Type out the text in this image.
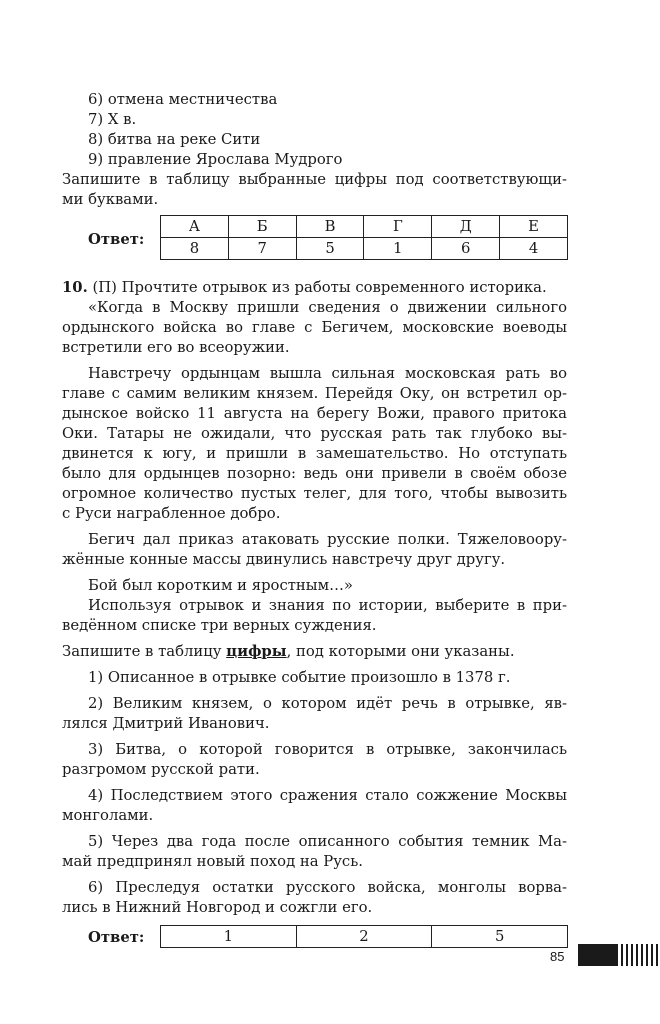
6) отмена местничества
7) X в.
8) битва на реке Сити
9) правление Ярослава Мудрого
Запишите в таблицу выбранные цифры под соответствующи-
ми буквами.
Ответ:
А	Б	В	Г	Д	Е
8	7	5	1	6	4
10. (П) Прочтите отрывок из работы современного историка.
«Когда в Москву пришли сведения о движении сильного
ордынского войска во главе с Бегичем, московские воеводы
встретили его во всеоружии.
Навстречу ордынцам вышла сильная московская рать во
главе с самим великим князем. Перейдя Оку, он встретил ор-
дынское войско 11 августа на берегу Вожи, правого притока
Оки. Татары не ожидали, что русская рать так глубоко вы-
двинется к югу, и пришли в замешательство. Но отступать
было для ордынцев позорно: ведь они привели в своём обозе
огромное количество пустых телег, для того, чтобы вывозить
с Руси награбленное добро.
Бегич дал приказ атаковать русские полки. Тяжеловоору-
жённые конные массы двинулись навстречу друг другу.
Бой был коротким и яростным…»
Используя отрывок и знания по истории, выберите в при-
ведённом списке три верных суждения.
Запишите в таблицу цифры, под которыми они указаны.
1) Описанное в отрывке событие произошло в 1378 г.
2) Великим князем, о котором идёт речь в отрывке, яв-
лялся Дмитрий Иванович.
3) Битва, о которой говорится в отрывке, закончилась
разгромом русской рати.
4) Последствием этого сражения стало сожжение Москвы
монголами.
5) Через два года после описанного события темник Ма-
май предпринял новый поход на Русь.
6) Преследуя остатки русского войска, монголы ворва-
лись в Нижний Новгород и сожгли его.
Ответ:	1	2	5
85
